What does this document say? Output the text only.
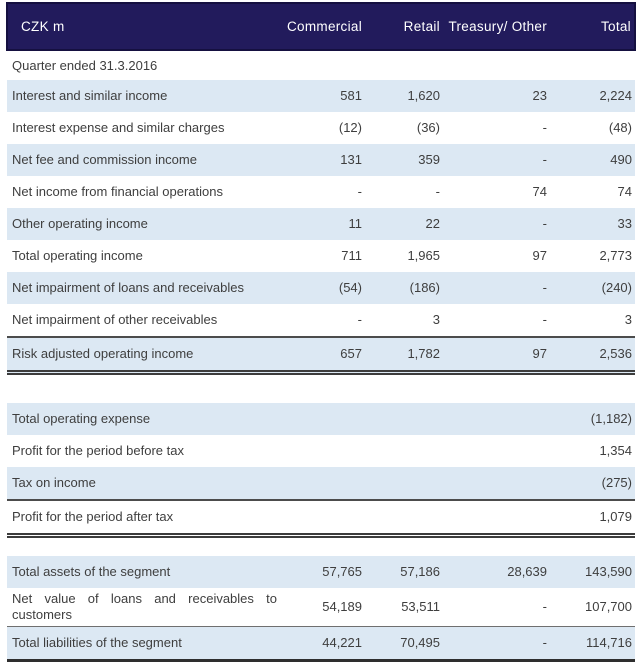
CZK m	Commercial	Retail	Treasury/ Other	Total
Quarter ended 31.3.2016				
Interest and similar income	581	1,620	23	2,224
Interest expense and similar charges	(12)	(36)	-	(48)
Net fee and commission income	131	359	-	490
Net income from financial operations	-	-	74	74
Other operating income	11	22	-	33
Total operating income	711	1,965	97	2,773
Net impairment of loans and receivables	(54)	(186)	-	(240)
Net impairment of other receivables	-	3	-	3
Risk adjusted operating income	657	1,782	97	2,536

Total operating expense				(1,182)
Profit for the period before tax				1,354
Tax on income				(275)
Profit for the period after tax				1,079

Total assets of the segment	57,765	57,186	28,639	143,590
Net value of loans and receivables to customers	54,189	53,511	-	107,700
Total liabilities of the segment	44,221	70,495	-	114,716
